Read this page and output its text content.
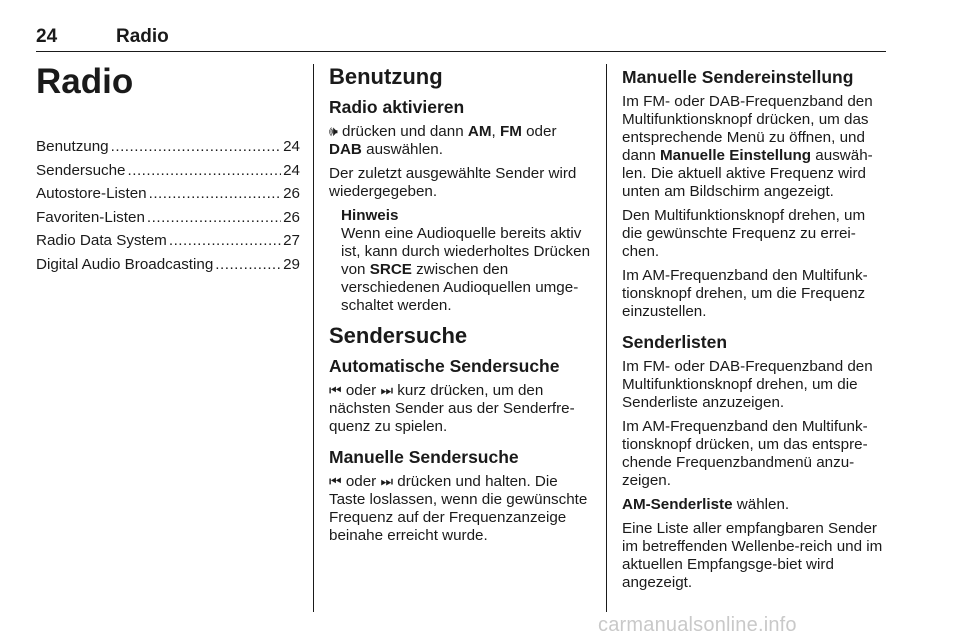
24	Radio
Radio
Benutzung .....	24
Sendersuche .....	24
Autostore-Listen .....	26
Favoriten-Listen .....	26
Radio Data System .....	27
Digital Audio Broadcasting .....	29
Benutzung
Radio aktivieren

🕪 drücken und dann AM, FM oder DAB auswählen.

Der zuletzt ausgewählte Sender wird wiedergegeben.

Hinweis
Wenn eine Audioquelle bereits aktiv ist, kann durch wiederholtes Drücken von SRCE zwischen den verschiedenen Audioquellen umge-schaltet werden.
Sendersuche
Automatische Sendersuche

⏮ oder ⏭ kurz drücken, um den nächsten Sender aus der Senderfre-quenz zu spielen.

Manuelle Sendersuche

⏮ oder ⏭ drücken und halten. Die Taste loslassen, wenn die gewünschte Frequenz auf der Frequenzanzeige beinahe erreicht wurde.

Manuelle Sendereinstellung

Im FM- oder DAB-Frequenzband den Multifunktionsknopf drücken, um das entsprechende Menü zu öffnen, und dann Manuelle Einstellung auswäh-len. Die aktuell aktive Frequenz wird unten am Bildschirm angezeigt.

Den Multifunktionsknopf drehen, um die gewünschte Frequenz zu errei-chen.

Im AM-Frequenzband den Multifunk-tionsknopf drehen, um die Frequenz einzustellen.

Senderlisten

Im FM- oder DAB-Frequenzband den Multifunktionsknopf drehen, um die Senderliste anzuzeigen.

Im AM-Frequenzband den Multifunk-tionsknopf drücken, um das entspre-chende Frequenzbandmenü anzu-zeigen.

AM-Senderliste wählen.

Eine Liste aller empfangbaren Sender im betreffenden Wellenbe-reich und im aktuellen Empfangsge-biet wird angezeigt.

carmanualsonline.info
